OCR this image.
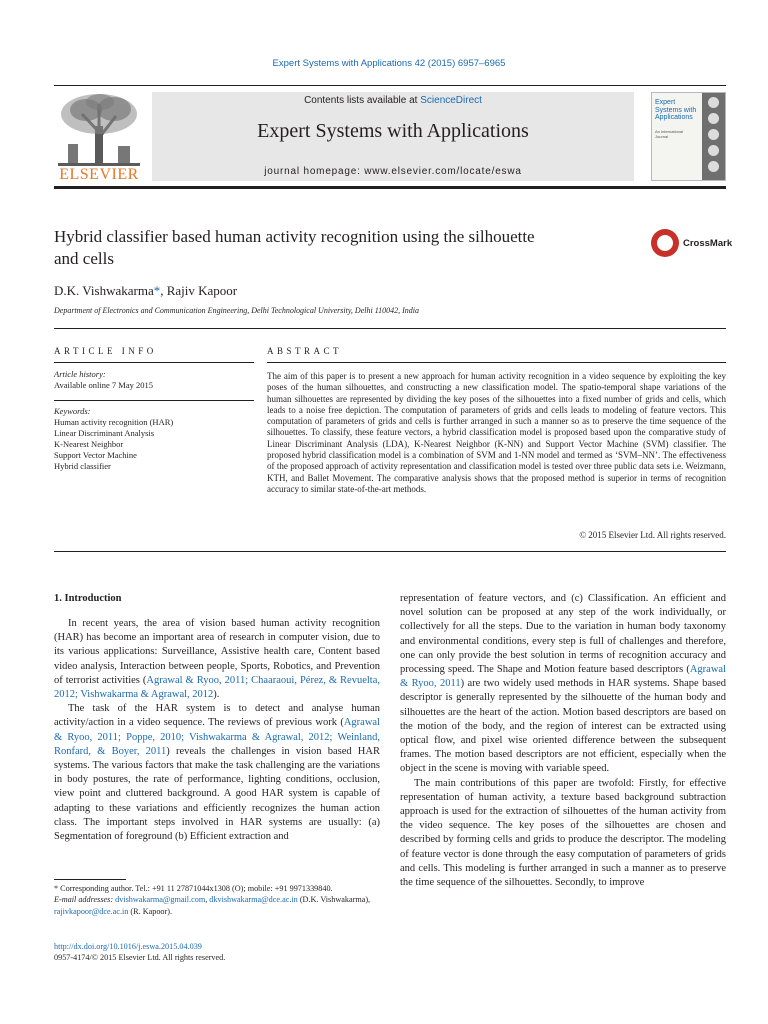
Expert Systems with Applications 42 (2015) 6957–6965
ELSEVIER
Contents lists available at ScienceDirect
Expert Systems with Applications
journal homepage: www.elsevier.com/locate/eswa
Expert Systems with Applications
An International Journal
Hybrid classifier based human activity recognition using the silhouette
and cells
CrossMark
D.K. Vishwakarma*, Rajiv Kapoor
Department of Electronics and Communication Engineering, Delhi Technological University, Delhi 110042, India
ARTICLE INFO
Article history:
Available online 7 May 2015
Keywords:
Human activity recognition (HAR)
Linear Discriminant Analysis
K-Nearest Neighbor
Support Vector Machine
Hybrid classifier
ABSTRACT
The aim of this paper is to present a new approach for human activity recognition in a video sequence by exploiting the key poses of the human silhouettes, and constructing a new classification model. The spatio-temporal shape variations of the human silhouettes are represented by dividing the key poses of the silhouettes into a fixed number of grids and cells, which leads to a noise free depiction. The computation of parameters of grids and cells leads to modeling of feature vectors. This computation of parameters of grids and cells is further arranged in such a manner so as to preserve the time sequence of the silhouettes. To classify, these feature vectors, a hybrid classification model is proposed based upon the comparative study of Linear Discriminant Analysis (LDA), K-Nearest Neighbor (K-NN) and Support Vector Machine (SVM) classifier. The proposed hybrid classification model is a combination of SVM and 1-NN model and termed as ‘SVM–NN’. The effectiveness of the proposed approach of activity representation and classification model is tested over three public data sets i.e. Weizmann, KTH, and Ballet Movement. The comparative analysis shows that the proposed method is superior in terms of recognition accuracy to similar state-of-the-art methods.
© 2015 Elsevier Ltd. All rights reserved.
1. Introduction

In recent years, the area of vision based human activity recognition (HAR) has become an important area of research in computer vision, due to its various applications: Surveillance, Assistive health care, Content based video analysis, Interaction between people, Sports, Robotics, and Prevention of terrorist activities (Agrawal & Ryoo, 2011; Chaaraoui, Pérez, & Revuelta, 2012; Vishwakarma & Agrawal, 2012).

The task of the HAR system is to detect and analyse human activity/action in a video sequence. The reviews of previous work (Agrawal & Ryoo, 2011; Poppe, 2010; Vishwakarma & Agrawal, 2012; Weinland, Ronfard, & Boyer, 2011) reveals the challenges in vision based HAR systems. The various factors that make the task challenging are the variations in body postures, the rate of performance, lighting conditions, occlusion, view point and cluttered background. A good HAR system is capable of adapting to these variations and efficiently recognizes the human action class. The important steps involved in HAR systems are usually: (a) Segmentation of foreground (b) Efficient extraction and

representation of feature vectors, and (c) Classification. An efficient and novel solution can be proposed at any step of the work individually, or collectively for all the steps. Due to the variation in human body taxonomy and environmental conditions, every step is full of challenges and therefore, one can only provide the best solution in terms of recognition accuracy and processing speed. The Shape and Motion feature based descriptors (Agrawal & Ryoo, 2011) are two widely used methods in HAR systems. Shape based descriptor is generally represented by the silhouette of the human body and silhouettes are the heart of the action. Motion based descriptors are based on the motion of the body, and the region of interest can be extracted using optical flow, and pixel wise oriented difference between the subsequent frames. The motion based descriptors are not efficient, especially when the object in the scene is moving with variable speed.

The main contributions of this paper are twofold: Firstly, for effective representation of human activity, a texture based background subtraction approach is used for the extraction of silhouettes of the human activity from the video sequence. The key poses of the silhouettes are chosen and described by forming cells and grids to produce the descriptor. The modeling of feature vector is done through the easy computation of parameters of grids and cells. This modeling is further arranged in such a manner as to preserve the time sequence of the silhouettes. Secondly, to improve

* Corresponding author. Tel.: +91 11 27871044x1308 (O); mobile: +91 9971339840.
E-mail addresses: dvishwakarma@gmail.com, dkvishwakarma@dce.ac.in (D.K. Vishwakarma), rajivkapoor@dce.ac.in (R. Kapoor).
http://dx.doi.org/10.1016/j.eswa.2015.04.039
0957-4174/© 2015 Elsevier Ltd. All rights reserved.
